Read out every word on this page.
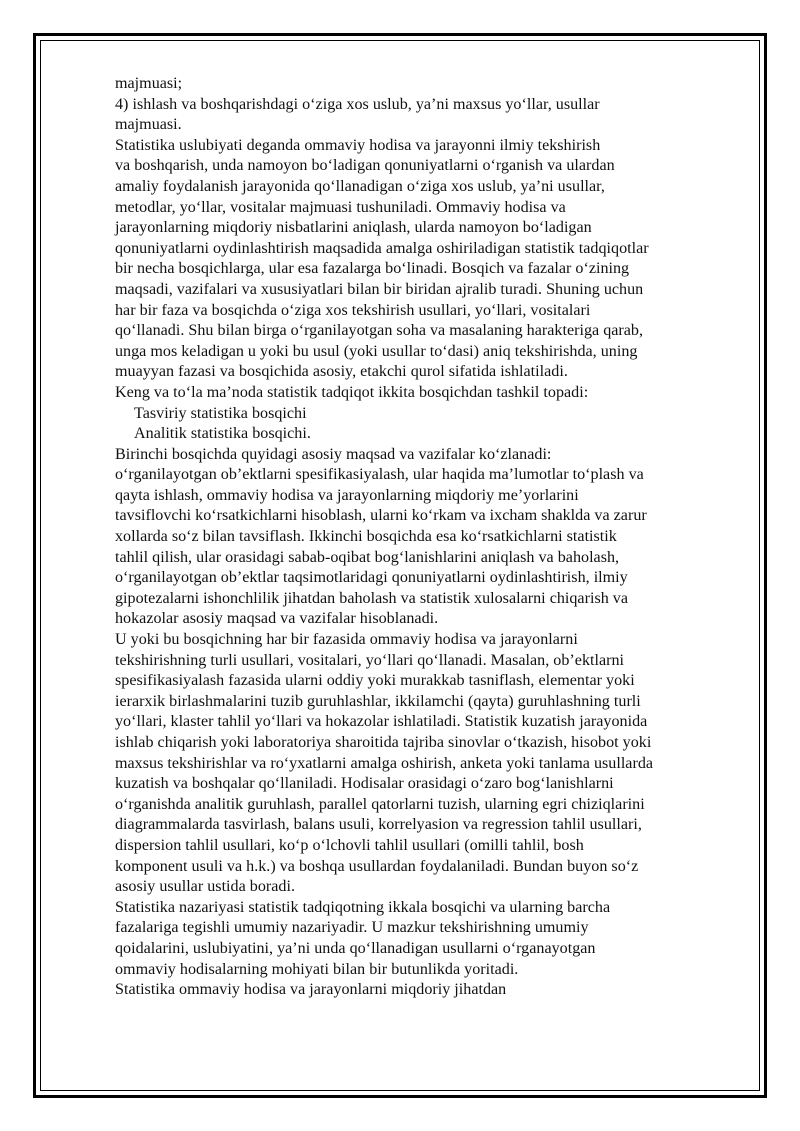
majmuasi;
4) ishlash va boshqarishdagi o‘ziga xos uslub, ya’ni maxsus yo‘llar, usullar
majmuasi.
Statistika uslubiyati deganda ommaviy hodisa va jarayonni ilmiy tekshirish
va boshqarish, unda namoyon bo‘ladigan qonuniyatlarni o‘rganish va ulardan
amaliy foydalanish jarayonida qo‘llanadigan o‘ziga xos uslub, ya’ni usullar,
metodlar, yo‘llar, vositalar majmuasi tushuniladi. Ommaviy hodisa va
jarayonlarning miqdoriy nisbatlarini aniqlash, ularda namoyon bo‘ladigan
qonuniyatlarni oydinlashtirish maqsadida amalga oshiriladigan statistik tadqiqotlar
bir necha bosqichlarga, ular esa fazalarga bo‘linadi. Bosqich va fazalar o‘zining
maqsadi, vazifalari va xususiyatlari bilan bir biridan ajralib turadi. Shuning uchun
har bir faza va bosqichda o‘ziga xos tekshirish usullari, yo‘llari, vositalari
qo‘llanadi. Shu bilan birga o‘rganilayotgan soha va masalaning harakteriga qarab,
unga mos keladigan u yoki bu usul (yoki usullar to‘dasi) aniq tekshirishda, uning
muayyan fazasi va bosqichida asosiy, etakchi qurol sifatida ishlatiladi.
Keng va to‘la ma’noda statistik tadqiqot ikkita bosqichdan tashkil topadi:
Tasviriy statistika bosqichi
Analitik statistika bosqichi.
Birinchi bosqichda quyidagi asosiy maqsad va vazifalar ko‘zlanadi:
o‘rganilayotgan ob’ektlarni spesifikasiyalash, ular haqida ma’lumotlar to‘plash va
qayta ishlash, ommaviy hodisa va jarayonlarning miqdoriy me’yorlarini
tavsiflovchi ko‘rsatkichlarni hisoblash, ularni ko‘rkam va ixcham shaklda va zarur
xollarda so‘z bilan tavsiflash. Ikkinchi bosqichda esa ko‘rsatkichlarni statistik
tahlil qilish, ular orasidagi sabab-oqibat bog‘lanishlarini aniqlash va baholash,
o‘rganilayotgan ob’ektlar taqsimotlaridagi qonuniyatlarni oydinlashtirish, ilmiy
gipotezalarni ishonchlilik jihatdan baholash va statistik xulosalarni chiqarish va
hokazolar asosiy maqsad va vazifalar hisoblanadi.
U yoki bu bosqichning har bir fazasida ommaviy hodisa va jarayonlarni
tekshirishning turli usullari, vositalari, yo‘llari qo‘llanadi. Masalan, ob’ektlarni
spesifikasiyalash fazasida ularni oddiy yoki murakkab tasniflash, elementar yoki
ierarxik birlashmalarini tuzib guruhlashlar, ikkilamchi (qayta) guruhlashning turli
yo‘llari, klaster tahlil yo‘llari va hokazolar ishlatiladi. Statistik kuzatish jarayonida
ishlab chiqarish yoki laboratoriya sharoitida tajriba sinovlar o‘tkazish, hisobot yoki
maxsus tekshirishlar va ro‘yxatlarni amalga oshirish, anketa yoki tanlama usullarda
kuzatish va boshqalar qo‘llaniladi. Hodisalar orasidagi o‘zaro bog‘lanishlarni
o‘rganishda analitik guruhlash, parallel qatorlarni tuzish, ularning egri chiziqlarini
diagrammalarda tasvirlash, balans usuli, korrelyasion va regression tahlil usullari,
dispersion tahlil usullari, ko‘p o‘lchovli tahlil usullari (omilli tahlil, bosh
komponent usuli va h.k.) va boshqa usullardan foydalaniladi. Bundan buyon so‘z
asosiy usullar ustida boradi.
Statistika nazariyasi statistik tadqiqotning ikkala bosqichi va ularning barcha
fazalariga tegishli umumiy nazariyadir. U mazkur tekshirishning umumiy
qoidalarini, uslubiyatini, ya’ni unda qo‘llanadigan usullarni o‘rganayotgan
ommaviy hodisalarning mohiyati bilan bir butunlikda yoritadi.
Statistika ommaviy hodisa va jarayonlarni miqdoriy jihatdan
